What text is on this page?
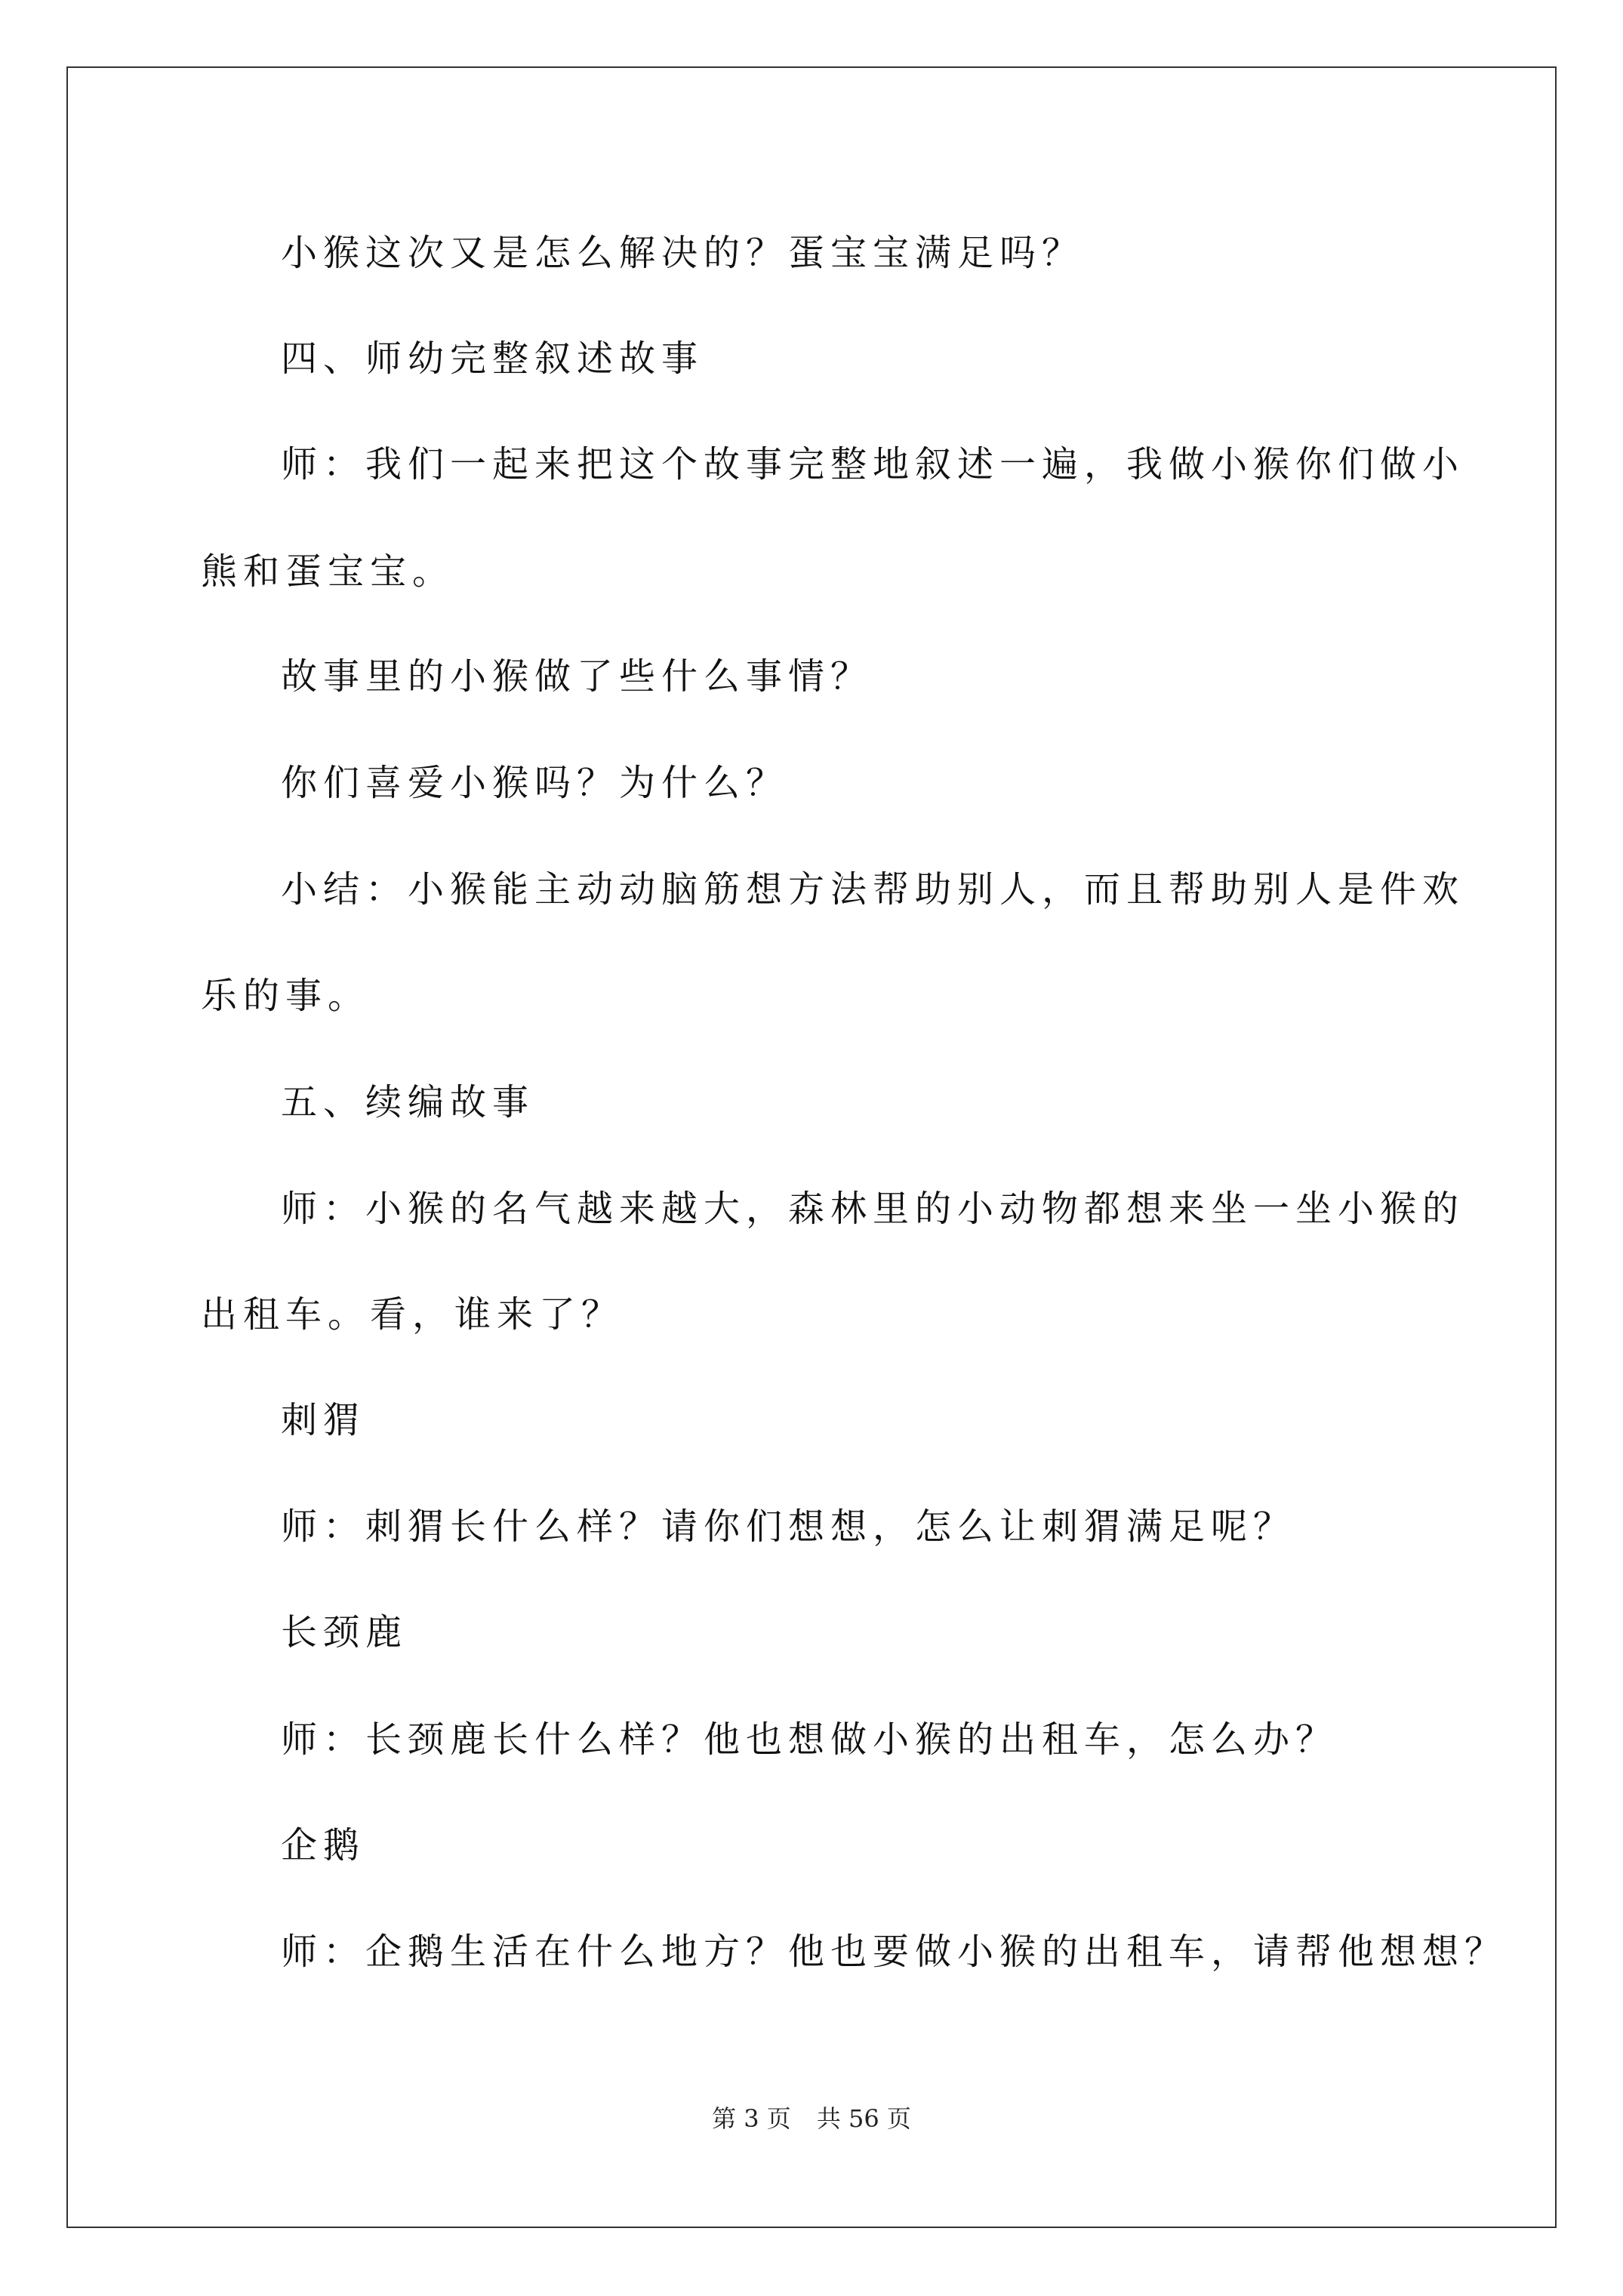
小猴这次又是怎么解决的？蛋宝宝满足吗？
四、师幼完整叙述故事
师：我们一起来把这个故事完整地叙述一遍，我做小猴你们做小
熊和蛋宝宝。
故事里的小猴做了些什么事情？
你们喜爱小猴吗？为什么？
小结：小猴能主动动脑筋想方法帮助别人，而且帮助别人是件欢
乐的事。
五、续编故事
师：小猴的名气越来越大，森林里的小动物都想来坐一坐小猴的
出租车。看，谁来了？
刺猬
师：刺猬长什么样？请你们想想，怎么让刺猬满足呢？
长颈鹿
师：长颈鹿长什么样？他也想做小猴的出租车，怎么办？
企鹅
师：企鹅生活在什么地方？他也要做小猴的出租车，请帮他想想？
第 3 页 共 56 页
